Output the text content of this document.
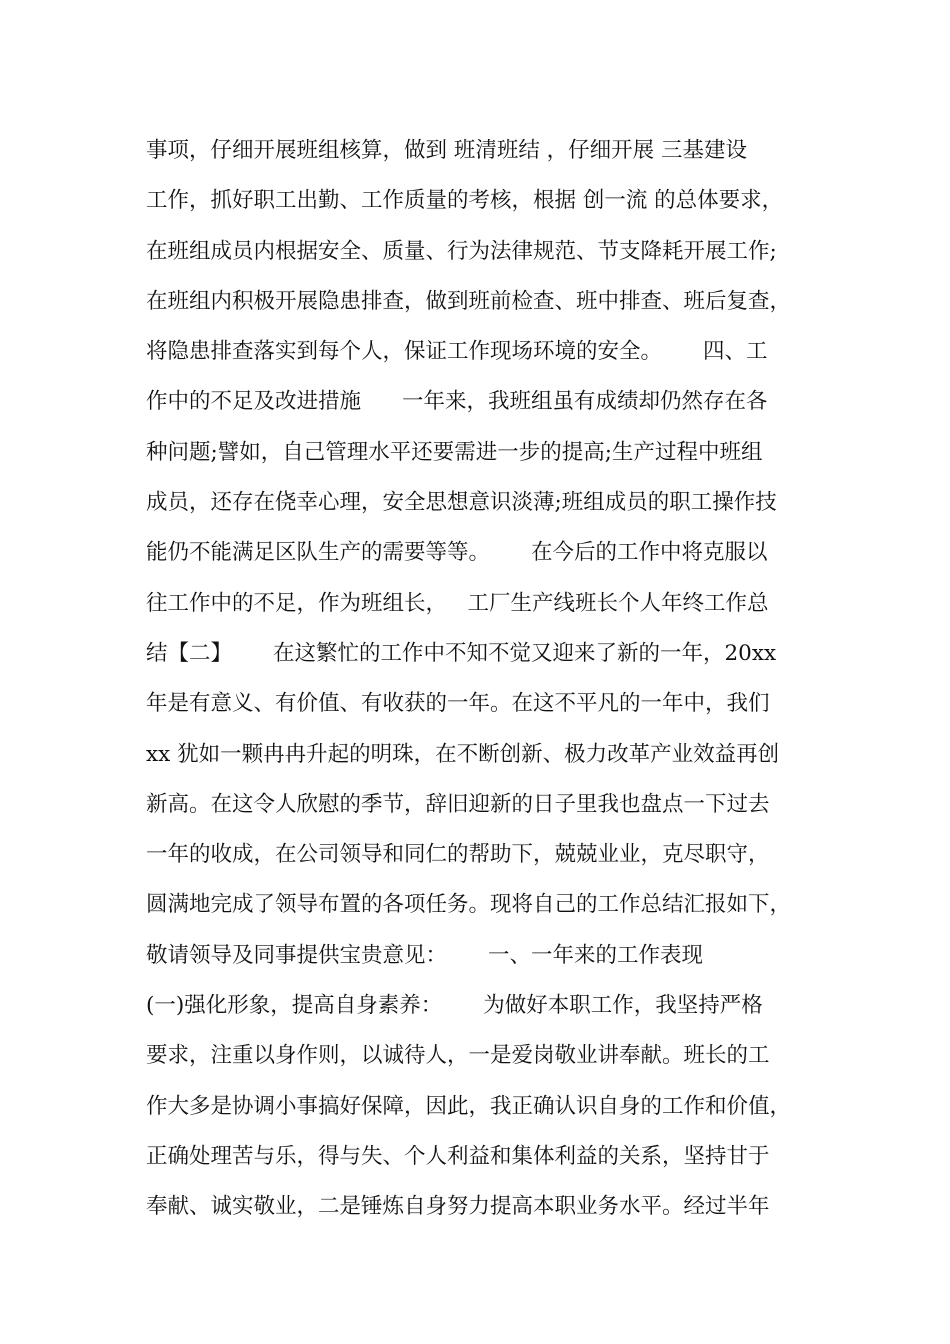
事项，仔细开展班组核算，做到 班清班结 ，仔细开展 三基建设
工作，抓好职工出勤、工作质量的考核，根据 创一流 的总体要求，
在班组成员内根据安全、质量、行为法律规范、节支降耗开展工作;
在班组内积极开展隐患排查，做到班前检查、班中排查、班后复查，
将隐患排查落实到每个人，保证工作现场环境的安全。      四、工
作中的不足及改进措施      一年来，我班组虽有成绩却仍然存在各
种问题;譬如，自己管理水平还要需进一步的提高;生产过程中班组
成员，还存在侥幸心理，安全思想意识淡薄;班组成员的职工操作技
能仍不能满足区队生产的需要等等。      在今后的工作中将克服以
往工作中的不足，作为班组长，   工厂生产线班长个人年终工作总
结【二】      在这繁忙的工作中不知不觉又迎来了新的一年，20xx
年是有意义、有价值、有收获的一年。在这不平凡的一年中，我们
xx 犹如一颗冉冉升起的明珠，在不断创新、极力改革产业效益再创
新高。在这令人欣慰的季节，辞旧迎新的日子里我也盘点一下过去
一年的收成，在公司领导和同仁的帮助下，兢兢业业，克尽职守，
圆满地完成了领导布置的各项任务。现将自己的工作总结汇报如下，
敬请领导及同事提供宝贵意见：      一、一年来的工作表现
(一)强化形象，提高自身素养：      为做好本职工作，我坚持严格
要求，注重以身作则，以诚待人，一是爱岗敬业讲奉献。班长的工
作大多是协调小事搞好保障，因此，我正确认识自身的工作和价值，
正确处理苦与乐，得与失、个人利益和集体利益的关系，坚持甘于
奉献、诚实敬业，二是锤炼自身努力提高本职业务水平。经过半年
